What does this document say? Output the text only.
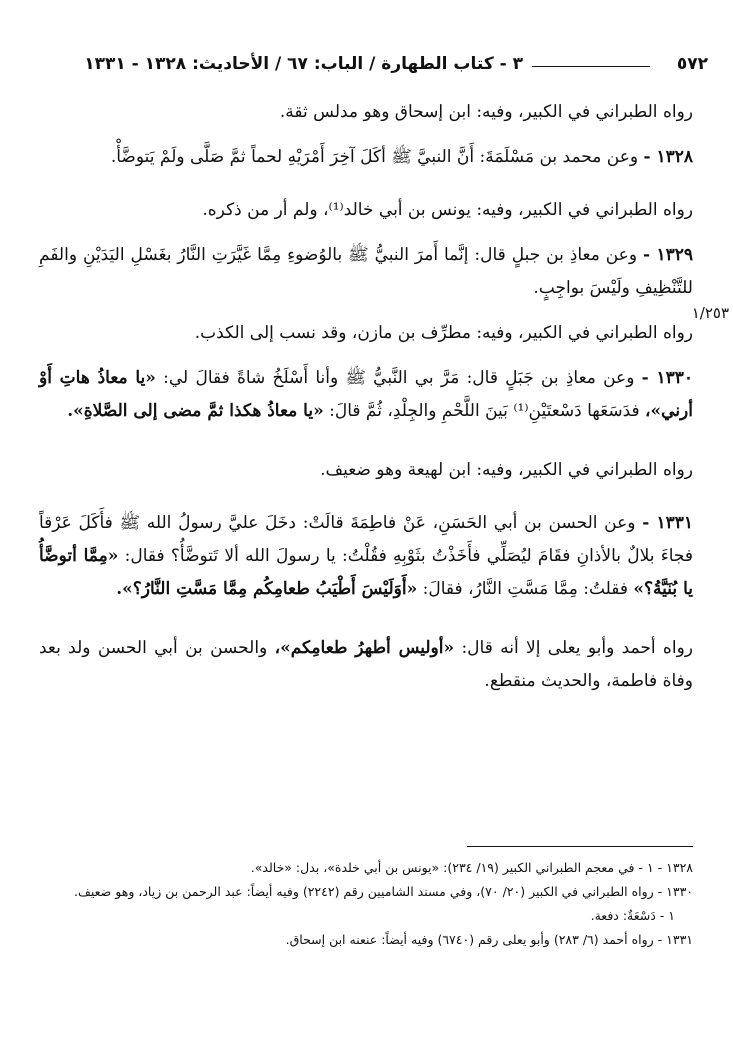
٥٧٢
٣ - كتاب الطهارة / الباب: ٦٧ / الأحاديث: ١٣٢٨ - ١٣٣١
١/٢٥٣

رواه الطبراني في الكبير، وفيه: ابن إسحاق وهو مدلس ثقة.

١٣٢٨ - وعن محمد بن مَسْلَمَةَ: أَنَّ النبيَّ ﷺ أكَلَ آخِرَ أَمْرَيْهِ لحماً ثمَّ صَلَّى ولَمْ يَتوضَّأْ.

رواه الطبراني في الكبير، وفيه: يونس بن أبي خالد⁽¹⁾، ولم أر من ذكره.

١٣٢٩ - وعن معاذِ بن جبلٍ قال: إنَّما أَمرَ النبيُّ ﷺ بالوُضوءِ مِمَّا غَيَّرَتِ النَّارُ بغَسْلِ اليَدَيْنِ والفَمِ للتَّنْظِيفِ ولَيْسَ بواجِبٍ.

رواه الطبراني في الكبير، وفيه: مطرِّف بن مازن، وقد نسب إلى الكذب.

١٣٣٠ - وعن معاذِ بن جَبَلٍ قال: مَرَّ بي النَّبيُّ ﷺ وأنا أَسْلَخُ شاةً فقالَ لي: «يا معاذُ هاتِ أَوْ أرني»، فدَسَعَها دَسْعتَيْنِ⁽¹⁾ بَينَ اللَّحْمِ والجِلْدِ، ثُمَّ قالَ: «يا معاذُ هكذا ثمَّ مضى إلى الصَّلاةِ».

رواه الطبراني في الكبير، وفيه: ابن لهيعة وهو ضعيف.

١٣٣١ - وعن الحسن بن أبي الحَسَنِ، عَنْ فاطِمَةَ قالَتْ: دخَلَ عليَّ رسولُ الله ﷺ فأَكَلَ عَرْقاً فجاءَ بلالٌ بالأذانِ فقَامَ ليُصَلِّي فأَخَذْتُ بثَوْبِهِ فقُلْتُ: يا رسولَ الله ألا تَتوضَّأُ؟ فقال: «مِمَّا أتوضَّأُ يا بُنَيَّةُ؟» فقلتُ: مِمَّا مَسَّتِ النَّارُ، فقالَ: «أَوَلَيْسَ أَطْيَبُ طعامِكُم مِمَّا مَسَّتِ النَّارُ؟».

رواه أحمد وأبو يعلى إلا أنه قال: «أوليس أطهرُ طعامِكم»، والحسن بن أبي الحسن ولد بعد وفاة فاطمة، والحديث منقطع.

١٣٢٨ - ١ - في معجم الطبراني الكبير (١٩/ ٢٣٤): «يونس بن أبي خلدة»، بدل: «خالد».

١٣٣٠ - رواه الطبراني في الكبير (٢٠/ ٧٠)، وفي مسند الشاميين رقم (٢٢٤٢) وفيه أيضاً: عبد الرحمن بن زياد، وهو ضعيف.

١ - دَسْعَةٌ: دفعة.

١٣٣١ - رواه أحمد (٦/ ٢٨٣) وأبو يعلى رقم (٦٧٤٠) وفيه أيضاً: عنعنه ابن إسحاق.
